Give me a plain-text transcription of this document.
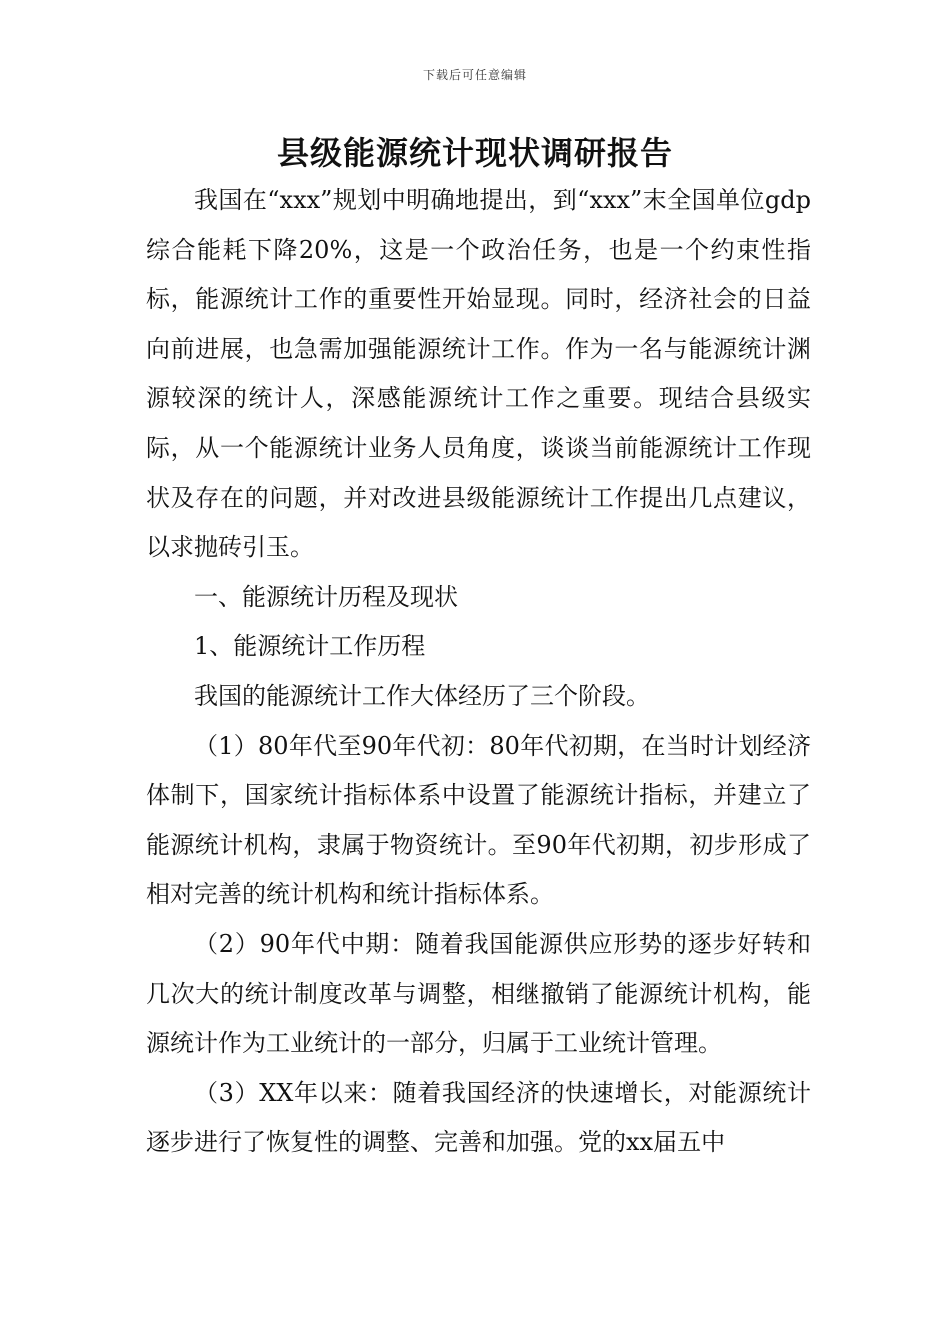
下载后可任意编辑
县级能源统计现状调研报告

我国在“xxx”规划中明确地提出，到“xxx”末全国单位gdp综合能耗下降20%，这是一个政治任务，也是一个约束性指标，能源统计工作的重要性开始显现。同时，经济社会的日益向前进展，也急需加强能源统计工作。作为一名与能源统计渊源较深的统计人，深感能源统计工作之重要。现结合县级实际，从一个能源统计业务人员角度，谈谈当前能源统计工作现状及存在的问题，并对改进县级能源统计工作提出几点建议，以求抛砖引玉。

一、能源统计历程及现状

1、能源统计工作历程

我国的能源统计工作大体经历了三个阶段。

（1）80年代至90年代初：80年代初期，在当时计划经济体制下，国家统计指标体系中设置了能源统计指标，并建立了能源统计机构，隶属于物资统计。至90年代初期，初步形成了相对完善的统计机构和统计指标体系。

（2）90年代中期：随着我国能源供应形势的逐步好转和几次大的统计制度改革与调整，相继撤销了能源统计机构，能源统计作为工业统计的一部分，归属于工业统计管理。

（3）XX年以来：随着我国经济的快速增长，对能源统计逐步进行了恢复性的调整、完善和加强。党的xx届五中
